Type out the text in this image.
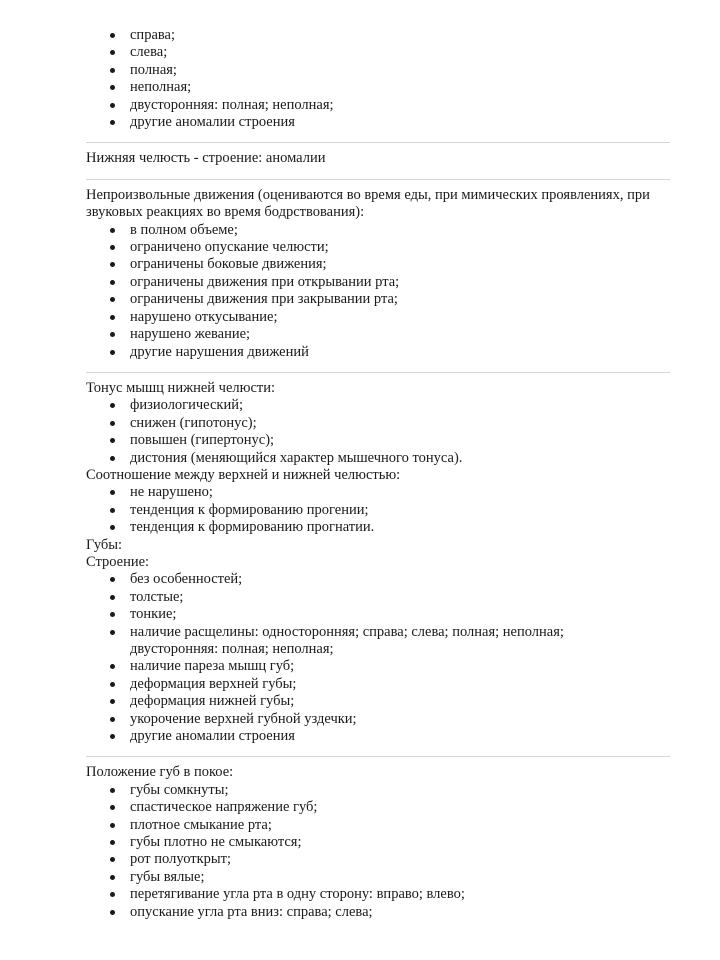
справа;
слева;
полная;
неполная;
двусторонняя: полная; неполная;
другие аномалии строения

Нижняя челюсть - строение: аномалии

Непроизвольные движения (оцениваются во время еды, при мимических проявлениях, при звуковых реакциях во время бодрствования):

в полном объеме;
ограничено опускание челюсти;
ограничены боковые движения;
ограничены движения при открывании рта;
ограничены движения при закрывании рта;
нарушено откусывание;
нарушено жевание;
другие нарушения движений

Тонус мышц нижней челюсти:

физиологический;
снижен (гипотонус);
повышен (гипертонус);
дистония (меняющийся характер мышечного тонуса).

Соотношение между верхней и нижней челюстью:

не нарушено;
тенденция к формированию прогении;
тенденция к формированию прогнатии.

Губы:

Строение:

без особенностей;
толстые;
тонкие;
наличие расщелины: односторонняя; справа; слева; полная; неполная; двусторонняя: полная; неполная;
наличие пареза мышц губ;
деформация верхней губы;
деформация нижней губы;
укорочение верхней губной уздечки;
другие аномалии строения

Положение губ в покое:

губы сомкнуты;
спастическое напряжение губ;
плотное смыкание рта;
губы плотно не смыкаются;
рот полуоткрыт;
губы вялые;
перетягивание угла рта в одну сторону: вправо; влево;
опускание угла рта вниз: справа; слева;
